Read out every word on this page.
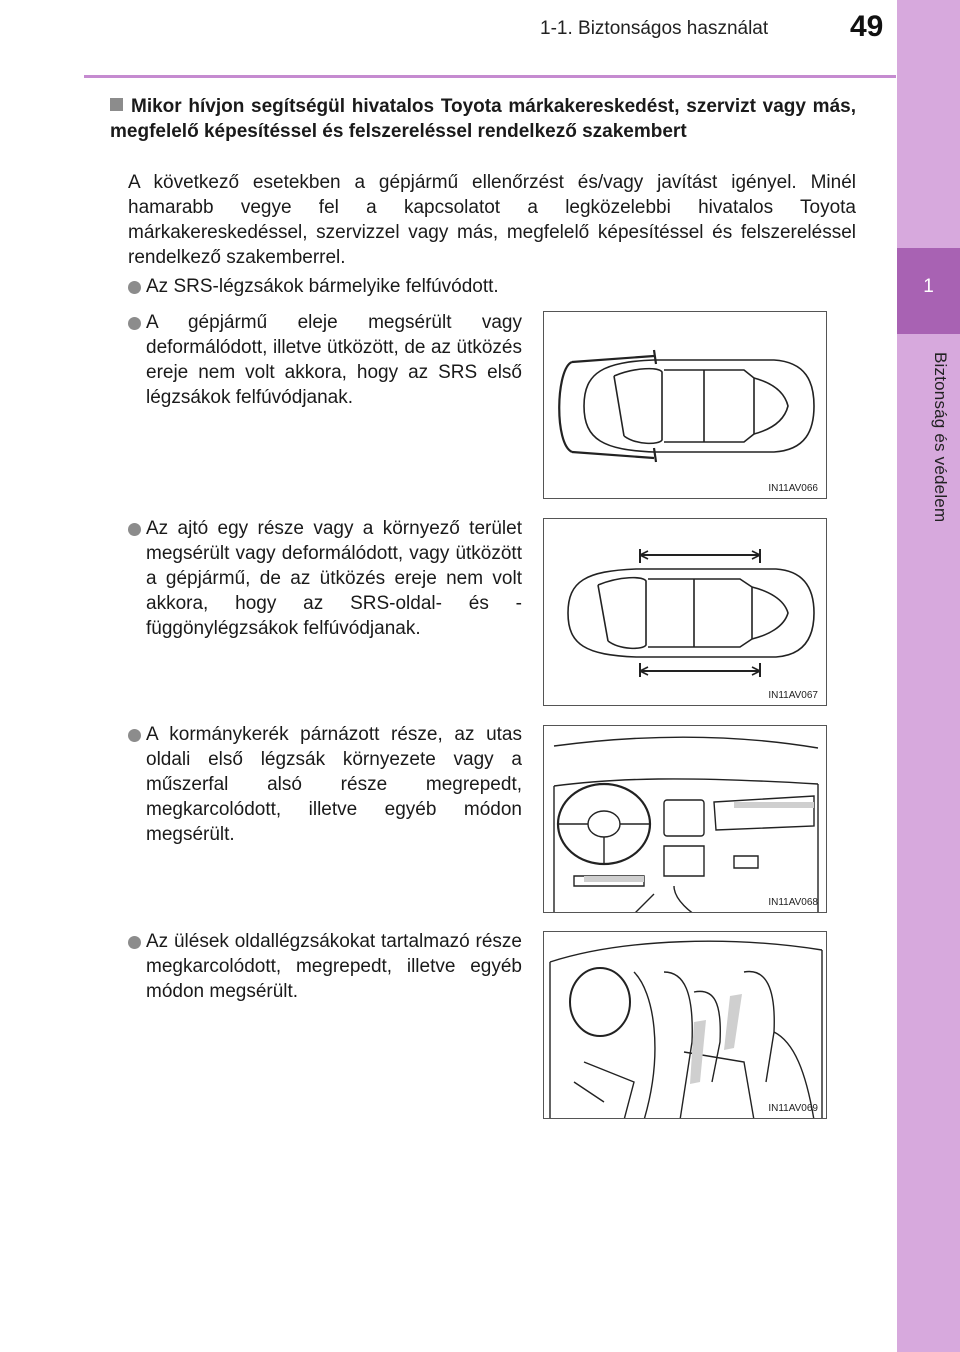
1-1. Biztonságos használat	49
1
Biztonság és védelem
Mikor hívjon segítségül hivatalos Toyota márkakereskedést, szervizt vagy más, megfelelő képesítéssel és felszereléssel rendelkező szakembert
A következő esetekben a gépjármű ellenőrzést és/vagy javítást igényel. Minél hamarabb vegye fel a kapcsolatot a legközelebbi hivatalos Toyota márkakereskedéssel, szervizzel vagy más, megfelelő képesítéssel és felszereléssel rendelkező szakemberrel.
Az SRS-légzsákok bármelyike felfúvódott.
A gépjármű eleje megsérült vagy deformálódott, illetve ütközött, de az ütközés ereje nem volt akkora, hogy az SRS első légzsákok felfúvódjanak.
IN11AV066
Az ajtó egy része vagy a környező terület megsérült vagy deformálódott, vagy ütközött a gépjármű, de az ütközés ereje nem volt akkora, hogy az SRS-oldal- és -függönylégzsákok felfúvódjanak.
IN11AV067
A kormánykerék párnázott része, az utas oldali első légzsák környezete vagy a műszerfal alsó része megrepedt, megkarcolódott, illetve egyéb módon megsérült.
IN11AV068
Az ülések oldallégzsákokat tartalmazó része megkarcolódott, megrepedt, illetve egyéb módon megsérült.
IN11AV069
